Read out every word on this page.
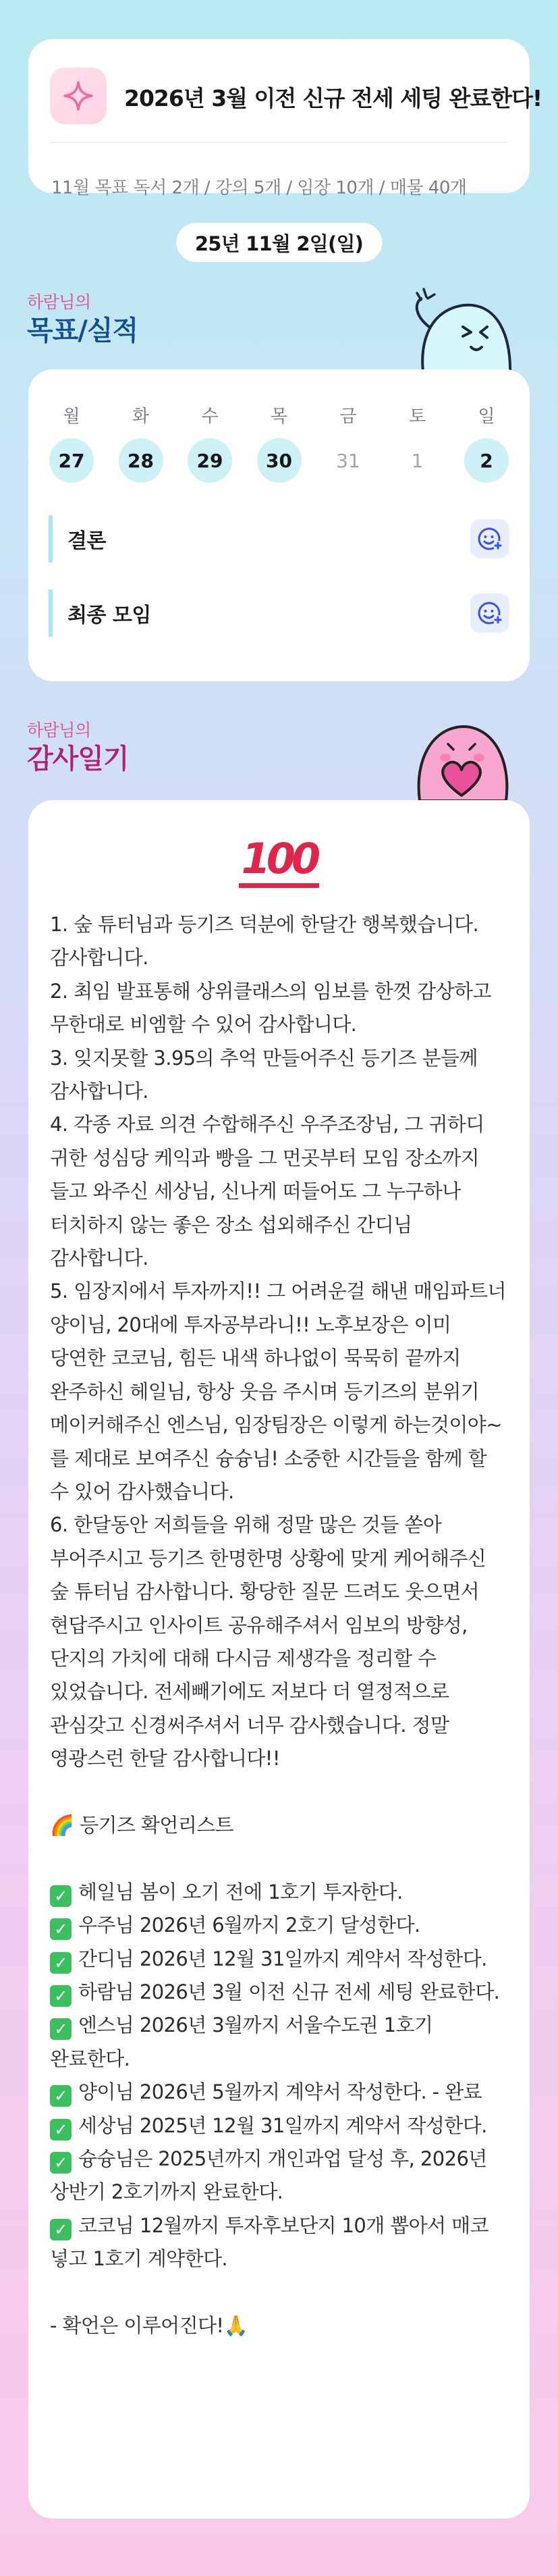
2026년 3월 이전 신규 전세 세팅 완료한다!
11월 목표 독서 2개 / 강의 5개 / 임장 10개 / 매물 40개
25년 11월 2일(일)
하람님의
목표/실적
월	화	수	목	금	토	일
27	28	29	30	31	1	2
결론
최종 모임
하람님의
감사일기
100

1. 숲 튜터님과 등기즈 덕분에 한달간 행복했습니다. 감사합니다.

2. 최임 발표통해 상위클래스의 임보를 한껏 감상하고 무한대로 비엠할 수 있어 감사합니다.

3. 잊지못할 3.95의 추억 만들어주신 등기즈 분들께 감사합니다.

4. 각종 자료 의견 수합해주신 우주조장님, 그 귀하디 귀한 성심당 케익과 빵을 그 먼곳부터 모임 장소까지 들고 와주신 세상님, 신나게 떠들어도 그 누구하나 터치하지 않는 좋은 장소 섭외해주신 간디님 감사합니다.

5. 임장지에서 투자까지!! 그 어려운걸 해낸 매임파트너 양이님, 20대에 투자공부라니!! 노후보장은 이미 당연한 코코님, 힘든 내색 하나없이 묵묵히 끝까지 완주하신 헤일님, 항상 웃음 주시며 등기즈의 분위기 메이커해주신 엔스님, 임장팀장은 이렇게 하는것이야~를 제대로 보여주신 슝슝님! 소중한 시간들을 함께 할 수 있어 감사했습니다.

6. 한달동안 저희들을 위해 정말 많은 것들 쏟아 부어주시고 등기즈 한명한명 상황에 맞게 케어해주신 숲 튜터님 감사합니다. 황당한 질문 드려도 웃으면서 현답주시고 인사이트 공유해주셔서 임보의 방향성, 단지의 가치에 대해 다시금 제생각을 정리할 수 있었습니다. 전세빼기에도 저보다 더 열정적으로 관심갖고 신경써주셔서 너무 감사했습니다. 정말 영광스런 한달 감사합니다!!

🌈 등기즈 확언리스트

✓ 헤일님 봄이 오기 전에 1호기 투자한다.

✓ 우주님 2026년 6월까지 2호기 달성한다.

✓ 간디님 2026년 12월 31일까지 계약서 작성한다.

✓ 하람님 2026년 3월 이전 신규 전세 세팅 완료한다.

✓ 엔스님 2026년 3월까지 서울수도권 1호기 완료한다.

✓ 양이님 2026년 5월까지 계약서 작성한다. - 완료

✓ 세상님 2025년 12월 31일까지 계약서 작성한다.

✓ 슝슝님은 2025년까지 개인과업 달성 후, 2026년 상반기 2호기까지 완료한다.

✓ 코코님 12월까지 투자후보단지 10개 뽑아서 매코 넣고 1호기 계약한다.

- 확언은 이루어진다!🙏
